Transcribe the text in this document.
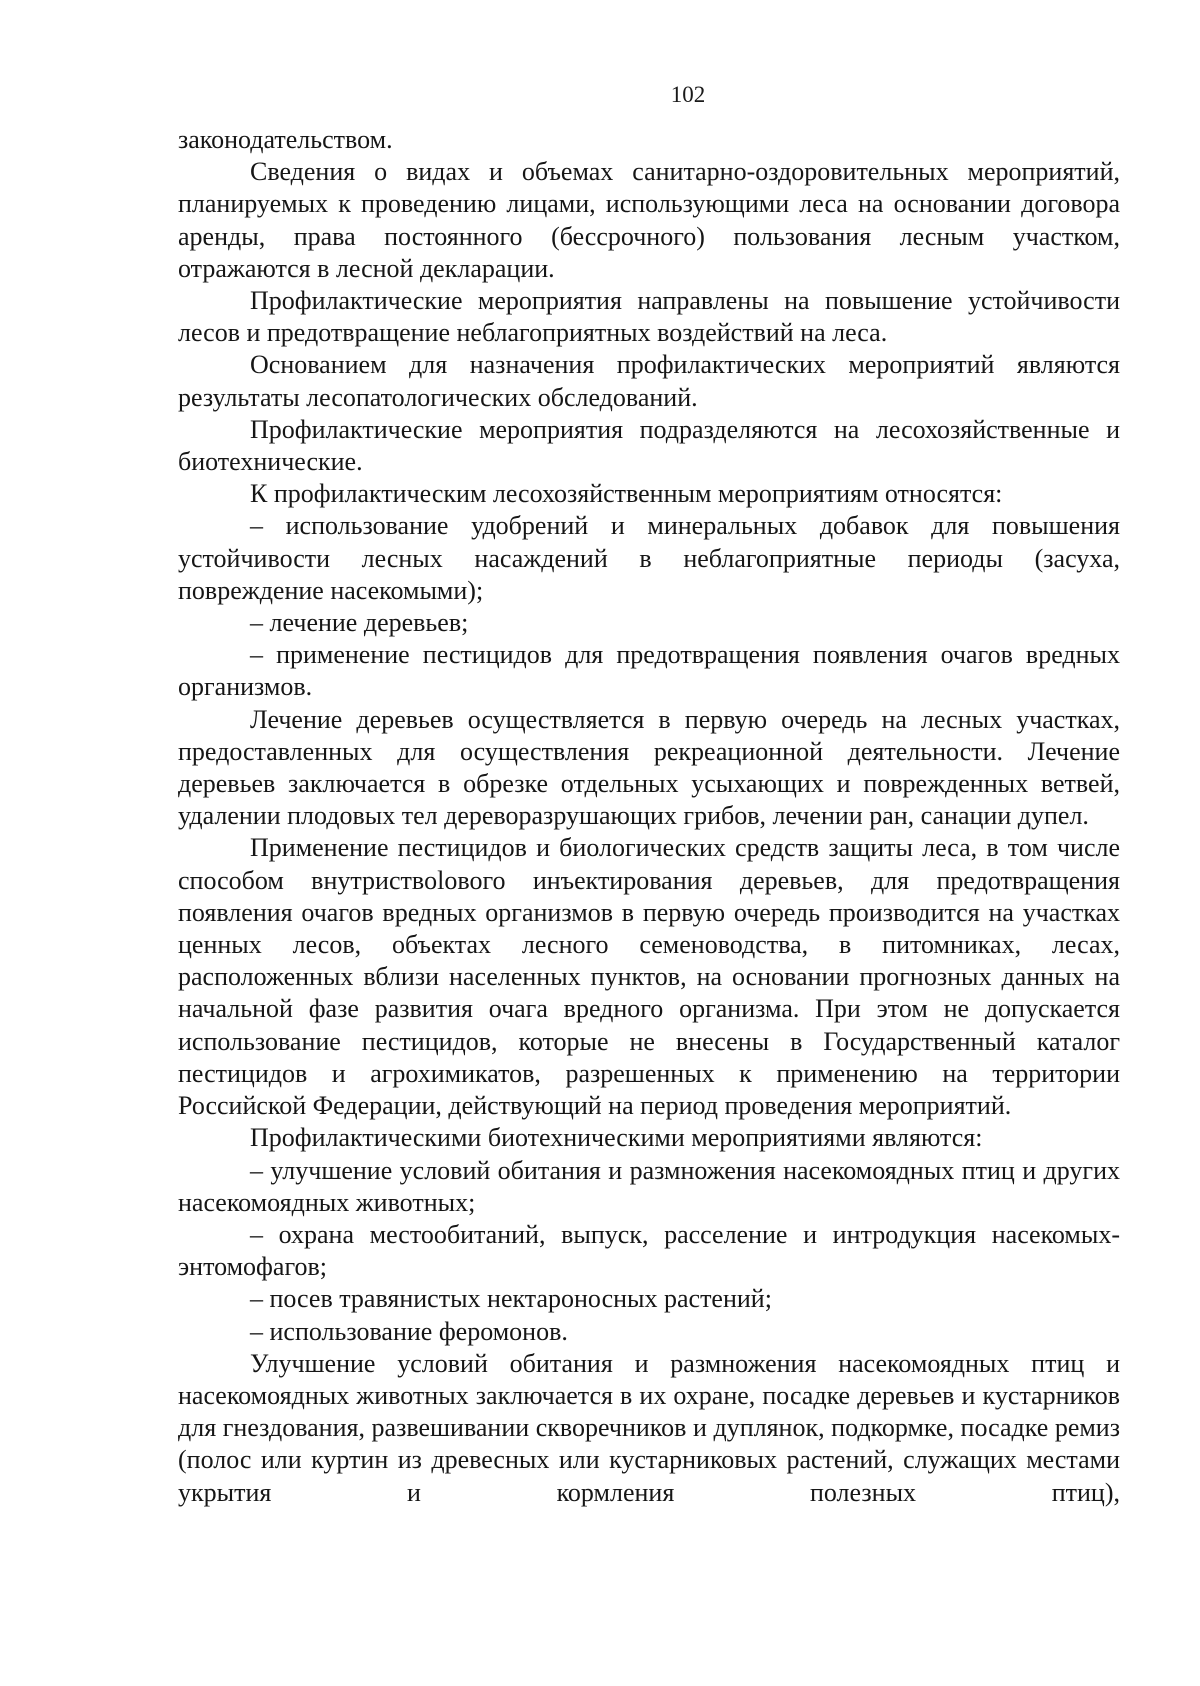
102

законодательством.

Сведения о видах и объемах санитарно-оздоровительных мероприятий, планируемых к проведению лицами, использующими леса на основании договора аренды, права постоянного (бессрочного) пользования лесным участком, отражаются в лесной декларации.

Профилактические мероприятия направлены на повышение устойчивости лесов и предотвращение неблагоприятных воздействий на леса.

Основанием для назначения профилактических мероприятий являются результаты лесопатологических обследований.

Профилактические мероприятия подразделяются на лесохозяйственные и биотехнические.

К профилактическим лесохозяйственным мероприятиям относятся:

– использование удобрений и минеральных добавок для повышения устойчивости лесных насаждений в неблагоприятные периоды (засуха, повреждение насекомыми);

– лечение деревьев;

– применение пестицидов для предотвращения появления очагов вредных организмов.

Лечение деревьев осуществляется в первую очередь на лесных участках, предоставленных для осуществления рекреационной деятельности. Лечение деревьев заключается в обрезке отдельных усыхающих и поврежденных ветвей, удалении плодовых тел дереворазрушающих грибов, лечении ран, санации дупел.

Применение пестицидов и биологических средств защиты леса, в том числе способом внутриствolового инъектирования деревьев, для предотвращения появления очагов вредных организмов в первую очередь производится на участках ценных лесов, объектах лесного семеноводства, в питомниках, лесах, расположенных вблизи населенных пунктов, на основании прогнозных данных на начальной фазе развития очага вредного организма. При этом не допускается использование пестицидов, которые не внесены в Государственный каталог пестицидов и агрохимикатов, разрешенных к применению на территории Российской Федерации, действующий на период проведения мероприятий.

Профилактическими биотехническими мероприятиями являются:

– улучшение условий обитания и размножения насекомоядных птиц и других насекомоядных животных;

– охрана местообитаний, выпуск, расселение и интродукция насекомых-энтомофагов;

– посев травянистых нектароносных растений;

– использование феромонов.

Улучшение условий обитания и размножения насекомоядных птиц и насекомоядных животных заключается в их охране, посадке деревьев и кустарников для гнездования, развешивании скворечников и дуплянок, подкормке, посадке ремиз (полос или куртин из древесных или кустарниковых растений, служащих местами укрытия и кормления полезных птиц),
